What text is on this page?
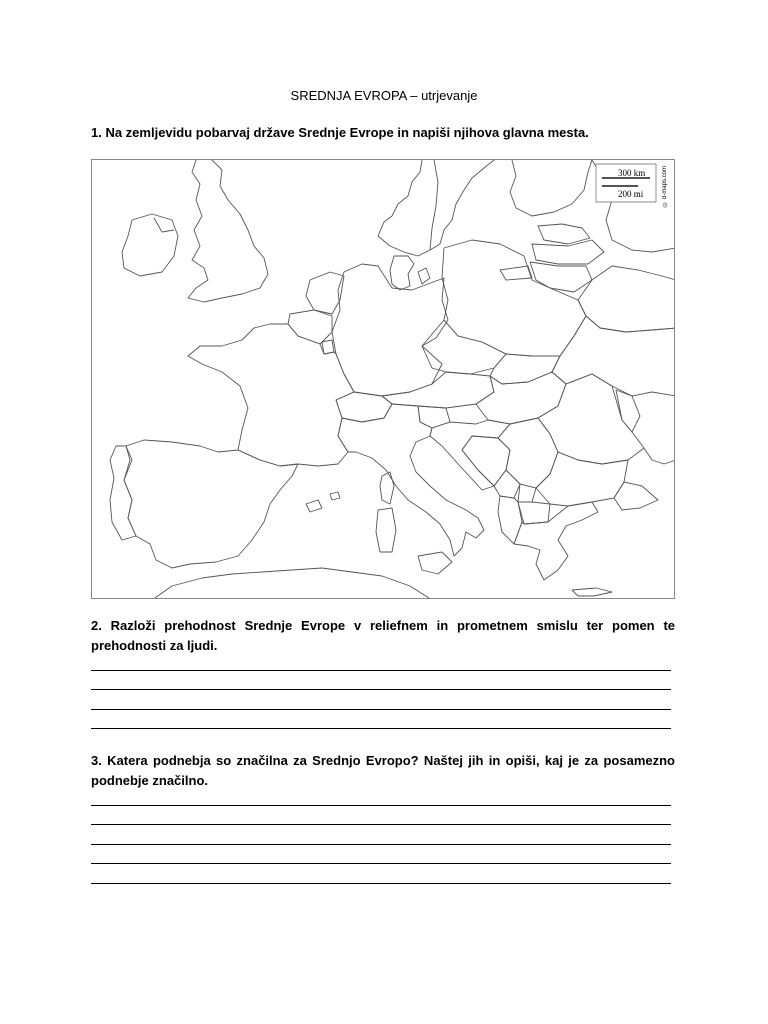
SREDNJA EVROPA – utrjevanje
1. Na zemljevidu pobarvaj države Srednje Evrope in napiši njihova glavna mesta.
300 km
200 mi	© d-maps.com
2. Razloži prehodnost Srednje Evrope v reliefnem in prometnem smislu ter pomen te prehodnosti za ljudi.
3. Katera podnebja so značilna za Srednjo Evropo? Naštej jih in opiši, kaj je za posamezno podnebje značilno.
